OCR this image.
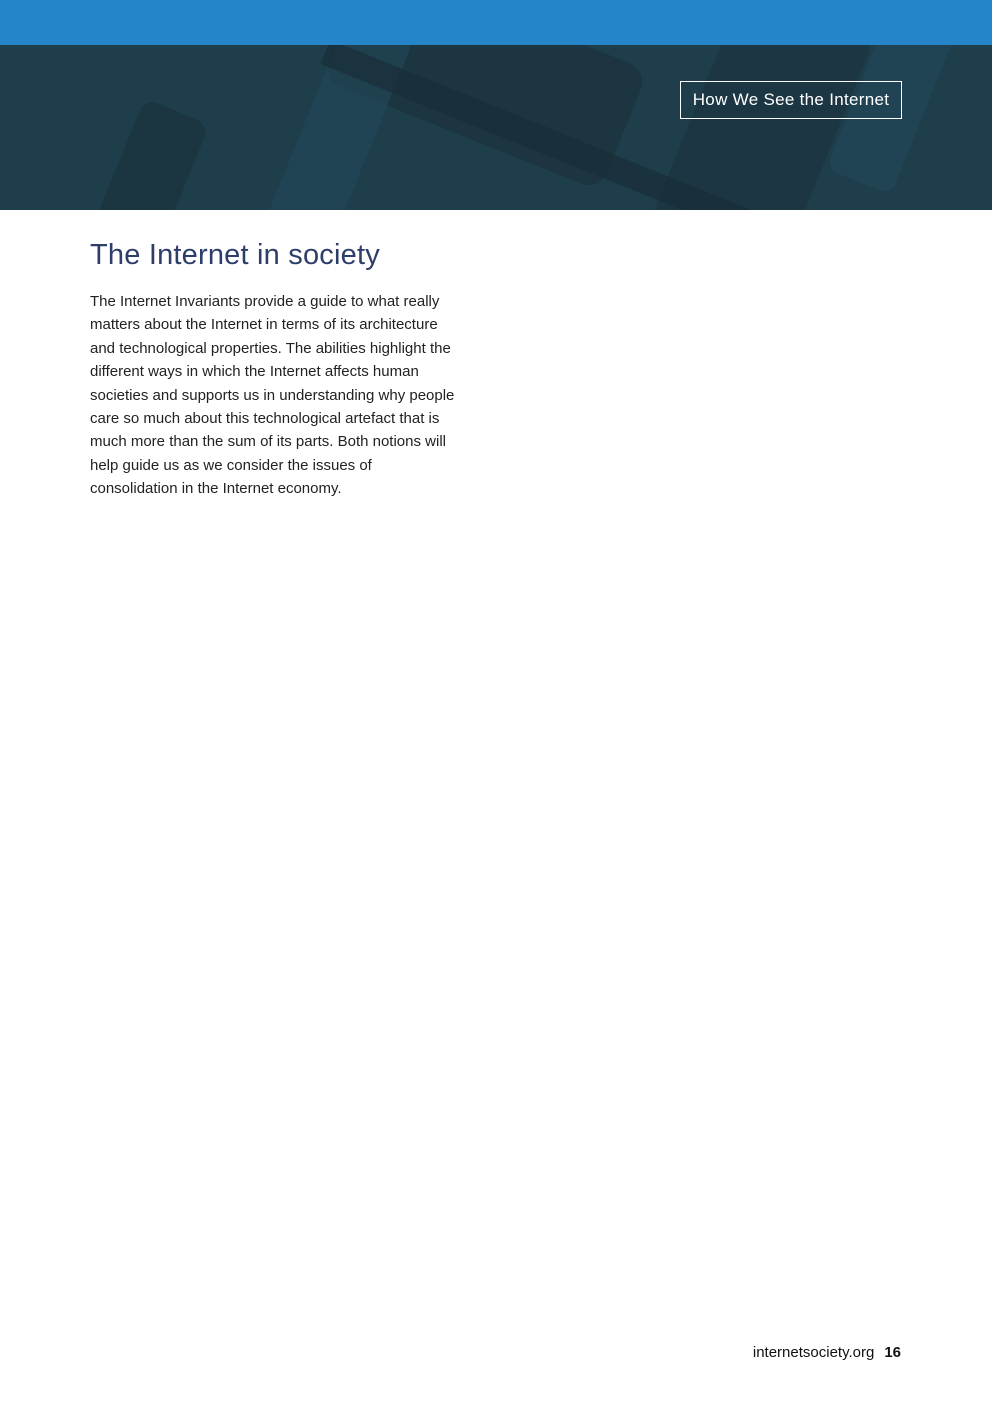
How We See the Internet
The Internet in society

The Internet Invariants provide a guide to what really matters about the Internet in terms of its architecture and technological properties. The abilities highlight the different ways in which the Internet affects human societies and supports us in understanding why people care so much about this technological artefact that is much more than the sum of its parts. Both notions will help guide us as we consider the issues of consolidation in the Internet economy.

internetsociety.org 16
